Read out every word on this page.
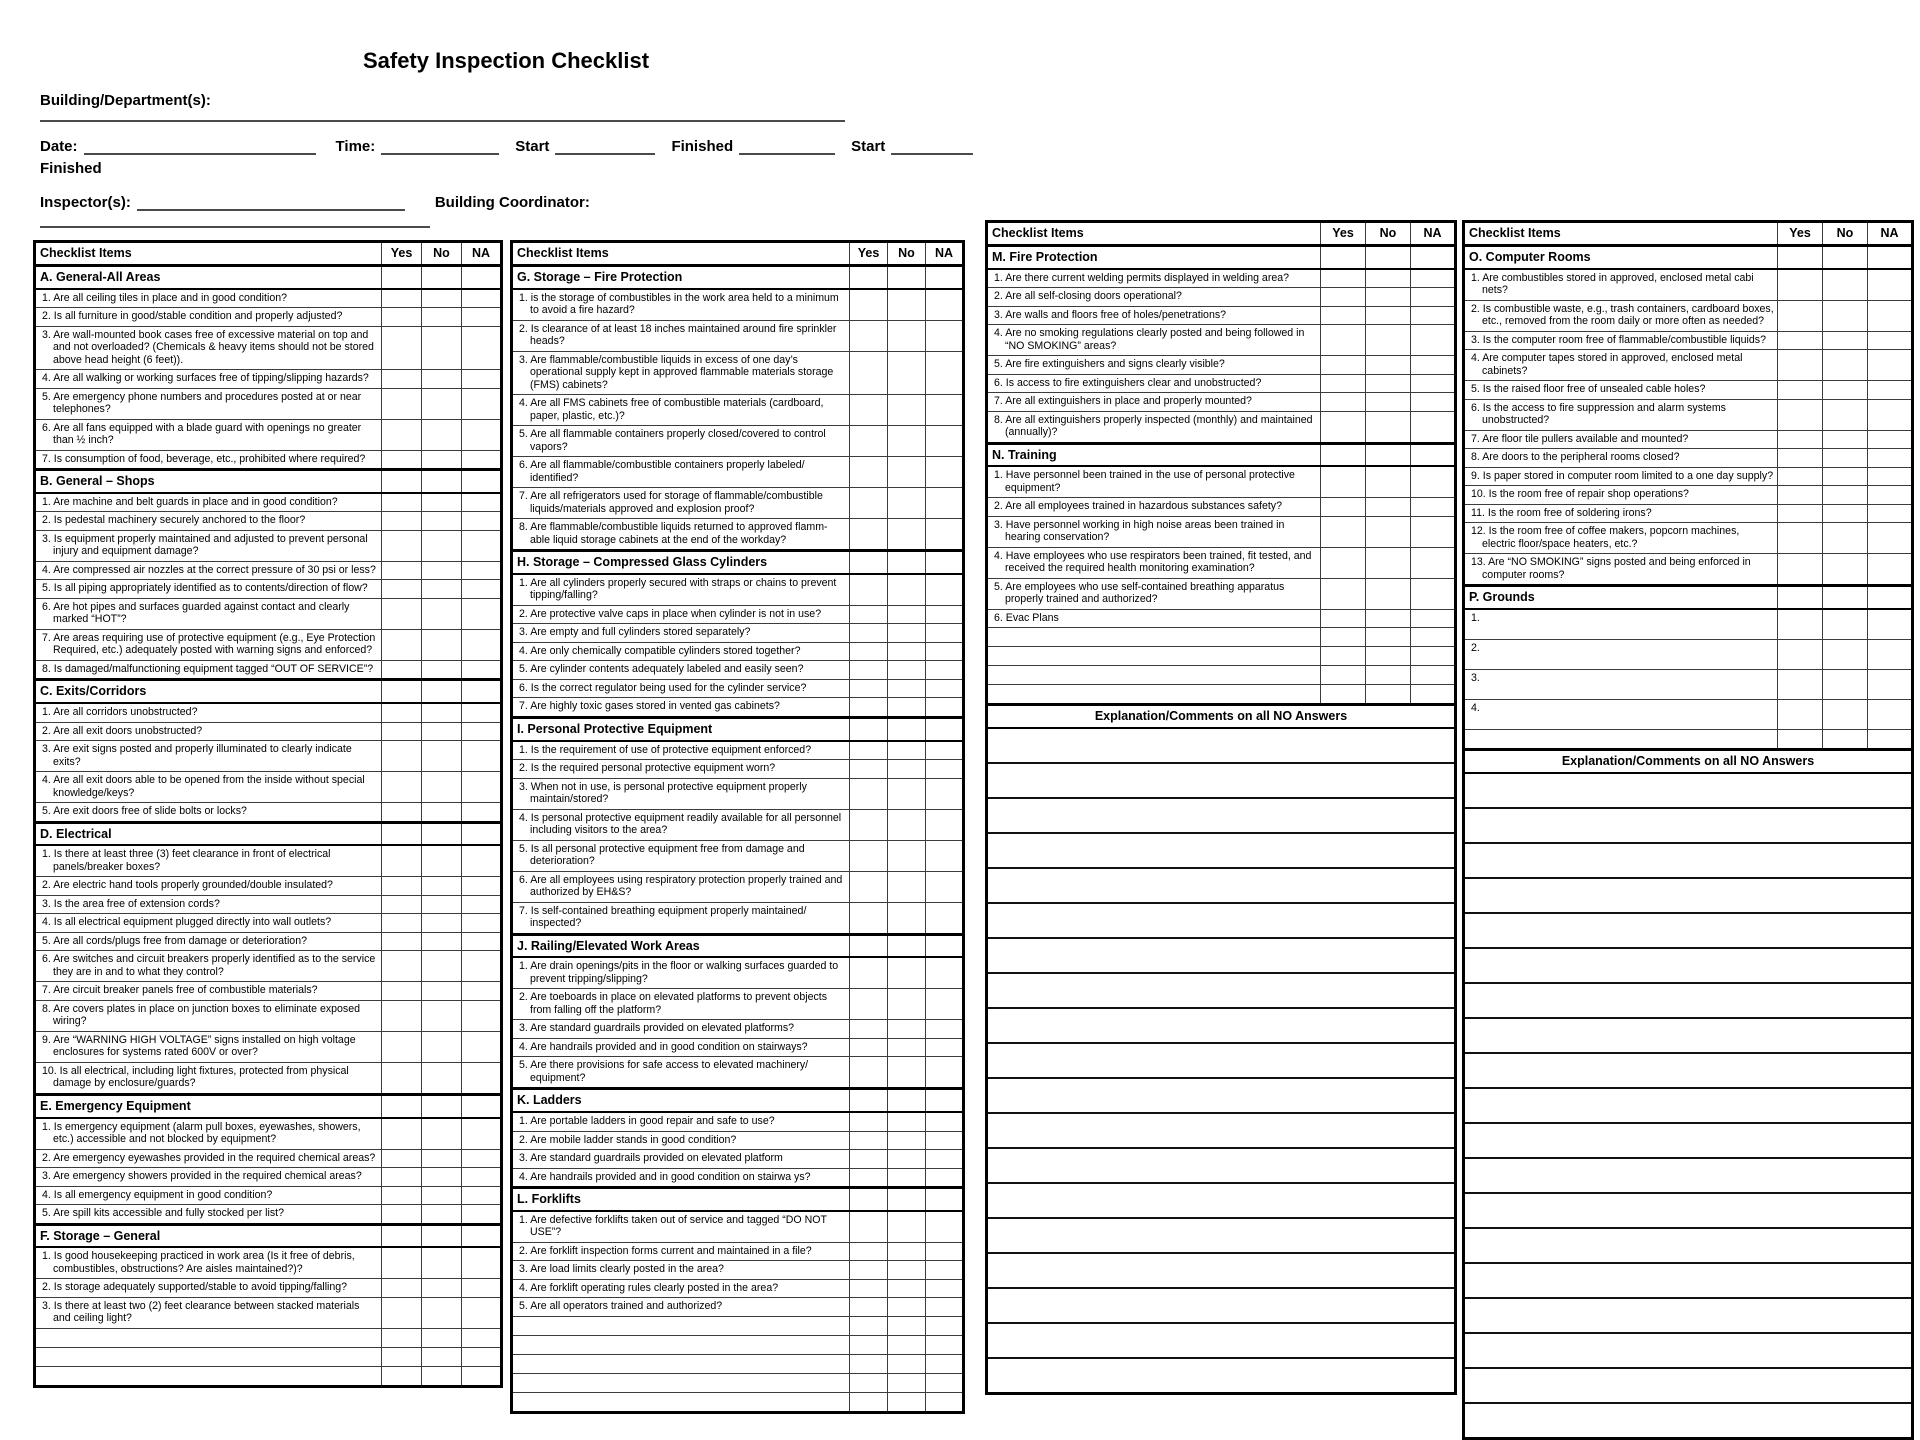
Safety Inspection Checklist
Building/Department(s):
Date:	Time:	Start	Finished	Start
Finished
Inspector(s):	Building Coordinator:
Checklist Items	Yes	No	NA
A. General-All Areas			
1. Are all ceiling tiles in place and in good condition?			
2. Is all furniture in good/stable condition and properly adjusted?			
3. Are wall-mounted book cases free of excessive material on top and and not overloaded? (Chemicals & heavy items should not be stored above head height (6 feet)).			
4. Are all walking or working surfaces free of tipping/slipping hazards?			
5. Are emergency phone numbers and procedures posted at or near telephones?			
6. Are all fans equipped with a blade guard with openings no greater than ½ inch?			
7. Is consumption of food, beverage, etc., prohibited where required?			
B. General – Shops			
1. Are machine and belt guards in place and in good condition?			
2. Is pedestal machinery securely anchored to the floor?			
3. Is equipment properly maintained and adjusted to prevent personal injury and equipment damage?			
4. Are compressed air nozzles at the correct pressure of 30 psi or less?			
5. Is all piping appropriately identified as to contents/direction of flow?			
6. Are hot pipes and surfaces guarded against contact and clearly marked “HOT”?			
7. Are areas requiring use of protective equipment (e.g., Eye Protection Required, etc.) adequately posted with warning signs and enforced?			
8. Is damaged/malfunctioning equipment tagged “OUT OF SERVICE”?			
C. Exits/Corridors			
1. Are all corridors unobstructed?			
2. Are all exit doors unobstructed?			
3. Are exit signs posted and properly illuminated to clearly indicate exits?			
4. Are all exit doors able to be opened from the inside without special knowledge/keys?			
5. Are exit doors free of slide bolts or locks?			
D. Electrical			
1. Is there at least three (3) feet clearance in front of electrical panels/breaker boxes?			
2. Are electric hand tools properly grounded/double insulated?			
3. Is the area free of extension cords?			
4. Is all electrical equipment plugged directly into wall outlets?			
5. Are all cords/plugs free from damage or deterioration?			
6. Are switches and circuit breakers properly identified as to the service they are in and to what they control?			
7. Are circuit breaker panels free of combustible materials?			
8. Are covers plates in place on junction boxes to eliminate exposed wiring?			
9. Are “WARNING HIGH VOLTAGE” signs installed on high voltage enclosures for systems rated 600V or over?			
10. Is all electrical, including light fixtures, protected from physical damage by enclosure/guards?			
E. Emergency Equipment			
1. Is emergency equipment (alarm pull boxes, eyewashes, showers, etc.) accessible and not blocked by equipment?			
2. Are emergency eyewashes provided in the required chemical areas?			
3. Are emergency showers provided in the required chemical areas?			
4. Is all emergency equipment in good condition?			
5. Are spill kits accessible and fully stocked per list?			
F. Storage – General			
1. Is good housekeeping practiced in work area (Is it free of debris, combustibles, obstructions? Are aisles maintained?)?			
2. Is storage adequately supported/stable to avoid tipping/falling?			
3. Is there at least two (2) feet clearance between stacked materials and ceiling light?			

Checklist Items	Yes	No	NA
G. Storage – Fire Protection			
1. is the storage of combustibles in the work area held to a minimum to avoid a fire hazard?			
2. Is clearance of at least 18 inches maintained around fire sprinkler heads?			
3. Are flammable/combustible liquids in excess of one day’s operational supply kept in approved flammable materials storage (FMS) cabinets?			
4. Are all FMS cabinets free of combustible materials (cardboard, paper, plastic, etc.)?			
5. Are all flammable containers properly closed/covered to control vapors?			
6. Are all flammable/combustible containers properly labeled/ identified?			
7. Are all refrigerators used for storage of flammable/combustible liquids/materials approved and explosion proof?			
8. Are flammable/combustible liquids returned to approved flamm-able liquid storage cabinets at the end of the workday?			
H. Storage – Compressed Glass Cylinders			
1. Are all cylinders properly secured with straps or chains to prevent tipping/falling?			
2. Are protective valve caps in place when cylinder is not in use?			
3. Are empty and full cylinders stored separately?			
4. Are only chemically compatible cylinders stored together?			
5. Are cylinder contents adequately labeled and easily seen?			
6. Is the correct regulator being used for the cylinder service?			
7. Are highly toxic gases stored in vented gas cabinets?			
I. Personal Protective Equipment			
1. Is the requirement of use of protective equipment enforced?			
2. Is the required personal protective equipment worn?			
3. When not in use, is personal protective equipment properly maintain/stored?			
4. Is personal protective equipment readily available for all personnel including visitors to the area?			
5. Is all personal protective equipment free from damage and deterioration?			
6. Are all employees using respiratory protection properly trained and authorized by EH&S?			
7. Is self-contained breathing equipment properly maintained/ inspected?			
J. Railing/Elevated Work Areas			
1. Are drain openings/pits in the floor or walking surfaces guarded to prevent tripping/slipping?			
2. Are toeboards in place on elevated platforms to prevent objects from falling off the platform?			
3. Are standard guardrails provided on elevated platforms?			
4. Are handrails provided and in good condition on stairways?			
5. Are there provisions for safe access to elevated machinery/ equipment?			
K. Ladders			
1. Are portable ladders in good repair and safe to use?			
2. Are mobile ladder stands in good condition?			
3. Are standard guardrails provided on elevated platform			
4. Are handrails provided and in good condition on stairwa ys?			
L. Forklifts			
1. Are defective forklifts taken out of service and tagged “DO NOT USE”?			
2. Are forklift inspection forms current and maintained in a file?			
3. Are load limits clearly posted in the area?			
4. Are forklift operating rules clearly posted in the area?			
5. Are all operators trained and authorized?			

Checklist Items	Yes	No	NA
M. Fire Protection			
1. Are there current welding permits displayed in welding area?			
2. Are all self-closing doors operational?			
3. Are walls and floors free of holes/penetrations?			
4. Are no smoking regulations clearly posted and being followed in “NO SMOKING” areas?			
5. Are fire extinguishers and signs clearly visible?			
6. Is access to fire extinguishers clear and unobstructed?			
7. Are all extinguishers in place and properly mounted?			
8. Are all extinguishers properly inspected (monthly) and maintained (annually)?			
N. Training			
1. Have personnel been trained in the use of personal protective equipment?			
2. Are all employees trained in hazardous substances safety?			
3. Have personnel working in high noise areas been trained in hearing conservation?			
4. Have employees who use respirators been trained, fit tested, and received the required health monitoring examination?			
5. Are employees who use self-contained breathing apparatus properly trained and authorized?			
6. Evac Plans			

Explanation/Comments on all NO Answers			

Checklist Items	Yes	No	NA
O. Computer Rooms			
1. Are combustibles stored in approved, enclosed metal cabi nets?			
2. Is combustible waste, e.g., trash containers, cardboard boxes, etc., removed from the room daily or more often as needed?			
3. Is the computer room free of flammable/combustible liquids?			
4. Are computer tapes stored in approved, enclosed metal cabinets?			
5. Is the raised floor free of unsealed cable holes?			
6. Is the access to fire suppression and alarm systems unobstructed?			
7. Are floor tile pullers available and mounted?			
8. Are doors to the peripheral rooms closed?			
9. Is paper stored in computer room limited to a one day supply?			
10. Is the room free of repair shop operations?			
11. Is the room free of soldering irons?			
12. Is the room free of coffee makers, popcorn machines, electric floor/space heaters, etc.?			
13. Are “NO SMOKING” signs posted and being enforced in computer rooms?			
P. Grounds			
1.			
2.			
3.			
4.			

Explanation/Comments on all NO Answers			
